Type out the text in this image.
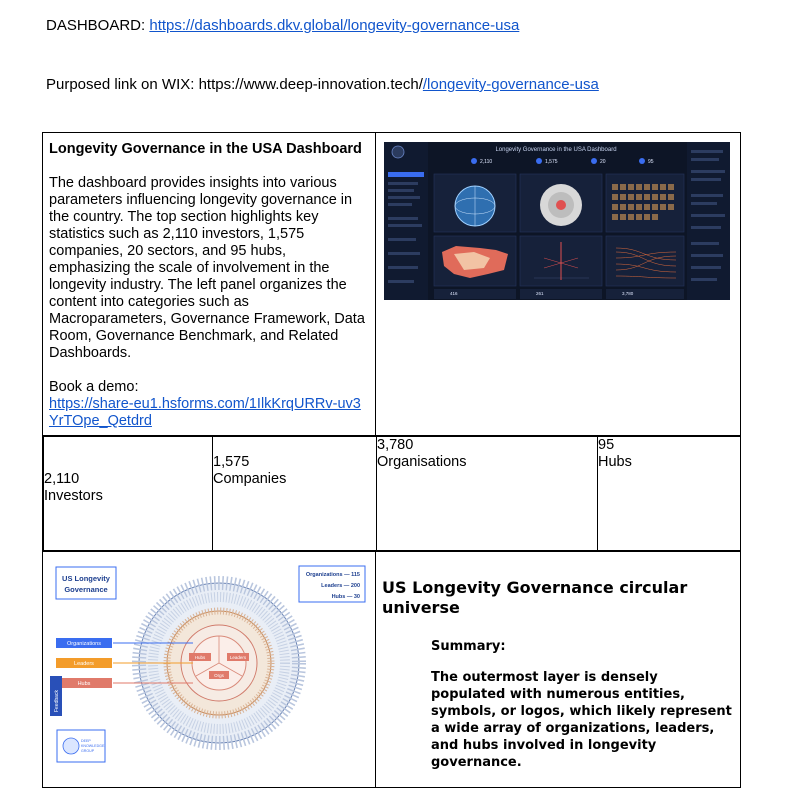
DASHBOARD: https://dashboards.dkv.global/longevity-governance-usa
Purposed link on WIX: https://www.deep-innovation.tech//longevity-governance-usa
Longevity Governance in the USA Dashboard
The dashboard provides insights into various parameters influencing longevity governance in the country. The top section highlights key statistics such as 2,110 investors, 1,575 companies, 20 sectors, and 95 hubs, emphasizing the scale of involvement in the longevity industry. The left panel organizes the content into categories such as Macroparameters, Governance Framework, Data Room, Governance Benchmark, and Related Dashboards.
Book a demo:
https://share-eu1.hsforms.com/1IlkKrqURRv-uv3YrTOpe_Qetdrd

Longevity Governance in the USA Dashboard
2,110	1,575	20	95
416	261	3,780

2,110
Investors

1,575
Companies

3,780
Organisations

95
Hubs

US Longevity
Governance
Organizations — 115
Leaders — 200
Hubs — 30
Hubs	Leaders
Orgs
Organizations
Leaders
Hubs
Feedback
DEEP
KNOWLEDGE
GROUP

US Longevity Governance circular universe
Summary:
The outermost layer is densely populated with numerous entities, symbols, or logos, which likely represent a wide array of organizations, leaders, and hubs involved in longevity governance.
